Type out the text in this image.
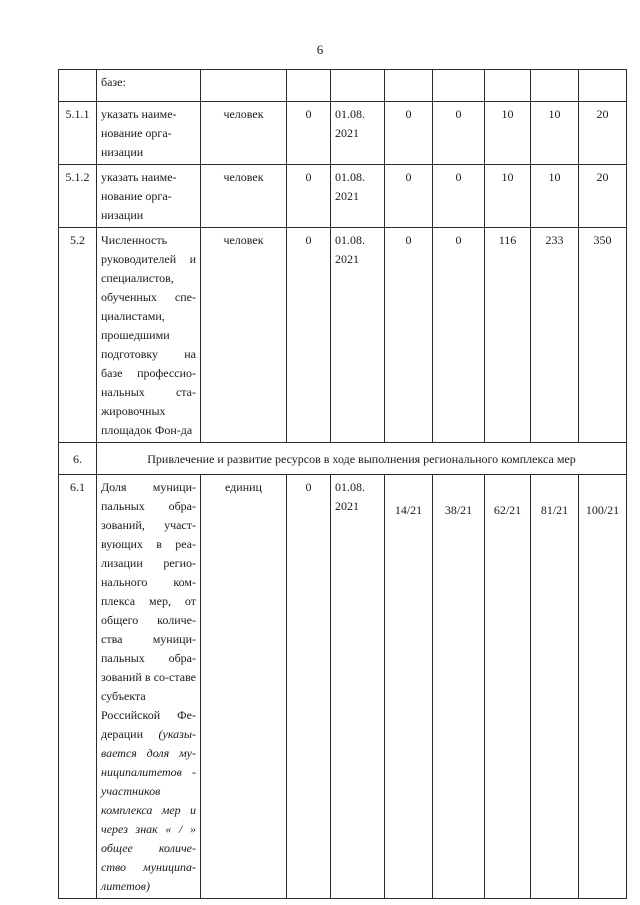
6
	базе:								
5.1.1	указать наиме-нование орга-низации	человек	0	01.08. 2021	0	0	10	10	20
5.1.2	указать наиме-нование орга-низации	человек	0	01.08. 2021	0	0	10	10	20
5.2	Численность руководителей и специалистов, обученных спе-циалистами, прошедшими подготовку на базе профессио-нальных ста-жировочных площадок Фон-да	человек	0	01.08. 2021	0	0	116	233	350
6.	Привлечение и развитие ресурсов в ходе выполнения регионального комплекса мер								
6.1	Доля муници-пальных обра-зований, участ-вующих в реа-лизации регио-нального ком-плекса мер, от общего количе-ства муници-пальных обра-зований в со-ставе субъекта Российской Фе-дерации (указы-вается доля му-ниципалитетов - участников комплекса мер и через знак « / » общее количе-ство муниципа-литетов)	единиц	0	01.08. 2021	14/21	38/21	62/21	81/21	100/21
